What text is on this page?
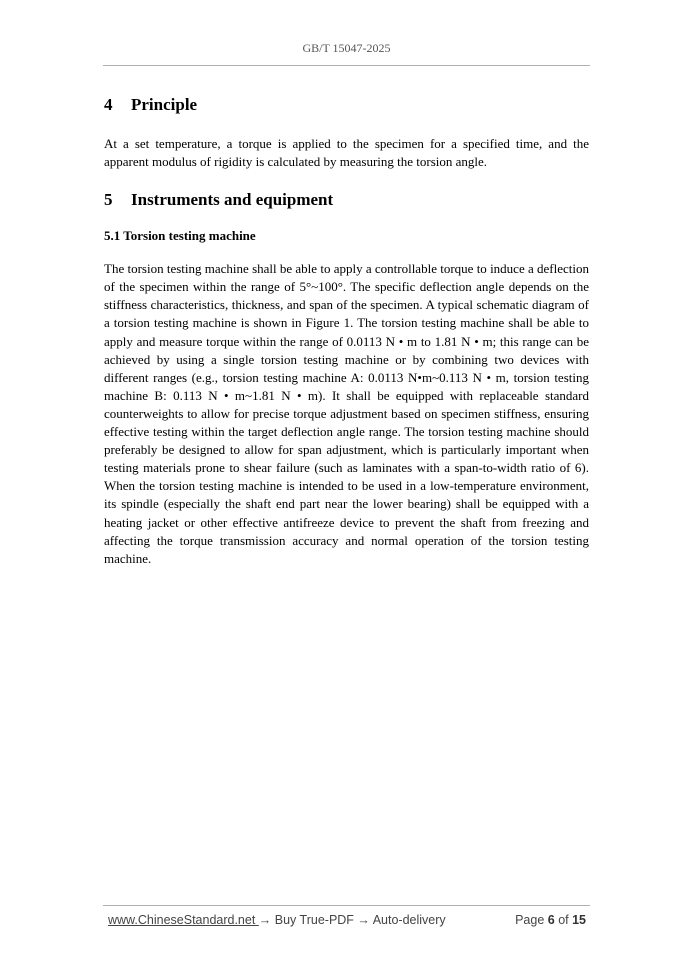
GB/T 15047-2025
4 Principle

At a set temperature, a torque is applied to the specimen for a specified time, and the apparent modulus of rigidity is calculated by measuring the torsion angle.

5 Instruments and equipment
5.1 Torsion testing machine

The torsion testing machine shall be able to apply a controllable torque to induce a deflection of the specimen within the range of 5°~100°. The specific deflection angle depends on the stiffness characteristics, thickness, and span of the specimen. A typical schematic diagram of a torsion testing machine is shown in Figure 1. The torsion testing machine shall be able to apply and measure torque within the range of 0.0113 N • m to 1.81 N • m; this range can be achieved by using a single torsion testing machine or by combining two devices with different ranges (e.g., torsion testing machine A: 0.0113 N•m~0.113 N • m, torsion testing machine B: 0.113 N • m~1.81 N • m). It shall be equipped with replaceable standard counterweights to allow for precise torque adjustment based on specimen stiffness, ensuring effective testing within the target deflection angle range. The torsion testing machine should preferably be designed to allow for span adjustment, which is particularly important when testing materials prone to shear failure (such as laminates with a span-to-width ratio of 6). When the torsion testing machine is intended to be used in a low-temperature environment, its spindle (especially the shaft end part near the lower bearing) shall be equipped with a heating jacket or other effective antifreeze device to prevent the shaft from freezing and affecting the torque transmission accuracy and normal operation of the torsion testing machine.

www.ChineseStandard.net → Buy True-PDF → Auto-delivery	Page 6 of 15
